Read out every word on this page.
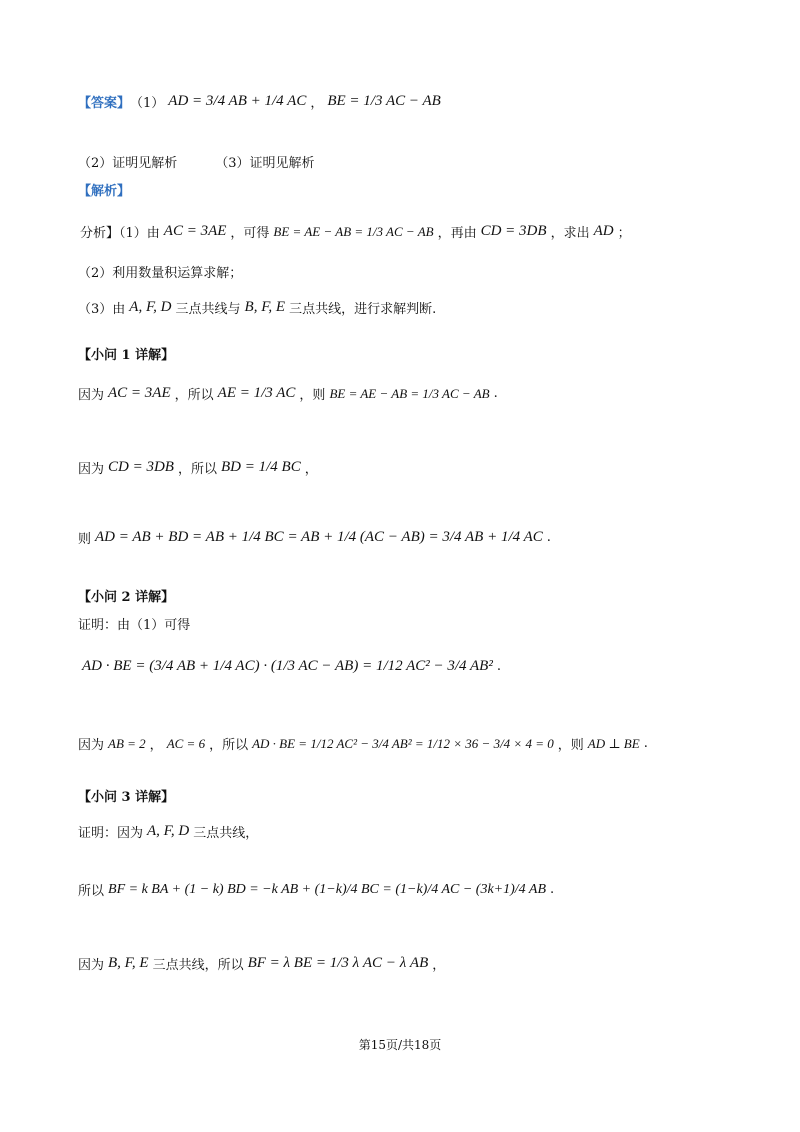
【答案】 （1） AD = 3/4 AB + 1/4 AC ， BE = 1/3 AC − AB
（2）证明见解析	（3）证明见解析
【解析】
分析】（1）由 AC = 3AE ，可得 BE = AE − AB = 1/3 AC − AB ，再由 CD = 3DB ，求出 AD ；
（2）利用数量积运算求解；
（3）由 A, F, D 三点共线与 B, F, E 三点共线，进行求解判断.
【小问 1 详解】
因为 AC = 3AE ，所以 AE = 1/3 AC ，则 BE = AE − AB = 1/3 AC − AB .
因为 CD = 3DB ，所以 BD = 1/4 BC ，
则 AD = AB + BD = AB + 1/4 BC = AB + 1/4 (AC − AB) = 3/4 AB + 1/4 AC .
【小问 2 详解】
证明：由（1）可得
AD · BE = (3/4 AB + 1/4 AC) · (1/3 AC − AB) = 1/12 AC² − 3/4 AB² .
因为 AB = 2 ， AC = 6 ，所以 AD · BE = 1/12 AC² − 3/4 AB² = 1/12 × 36 − 3/4 × 4 = 0 ，则 AD ⊥ BE .
【小问 3 详解】
证明：因为 A, F, D 三点共线，
所以 BF = k BA + (1 − k) BD = −k AB + (1−k)/4 BC = (1−k)/4 AC − (3k+1)/4 AB .
因为 B, F, E 三点共线，所以 BF = λ BE = 1/3 λ AC − λ AB ，
第15页/共18页
